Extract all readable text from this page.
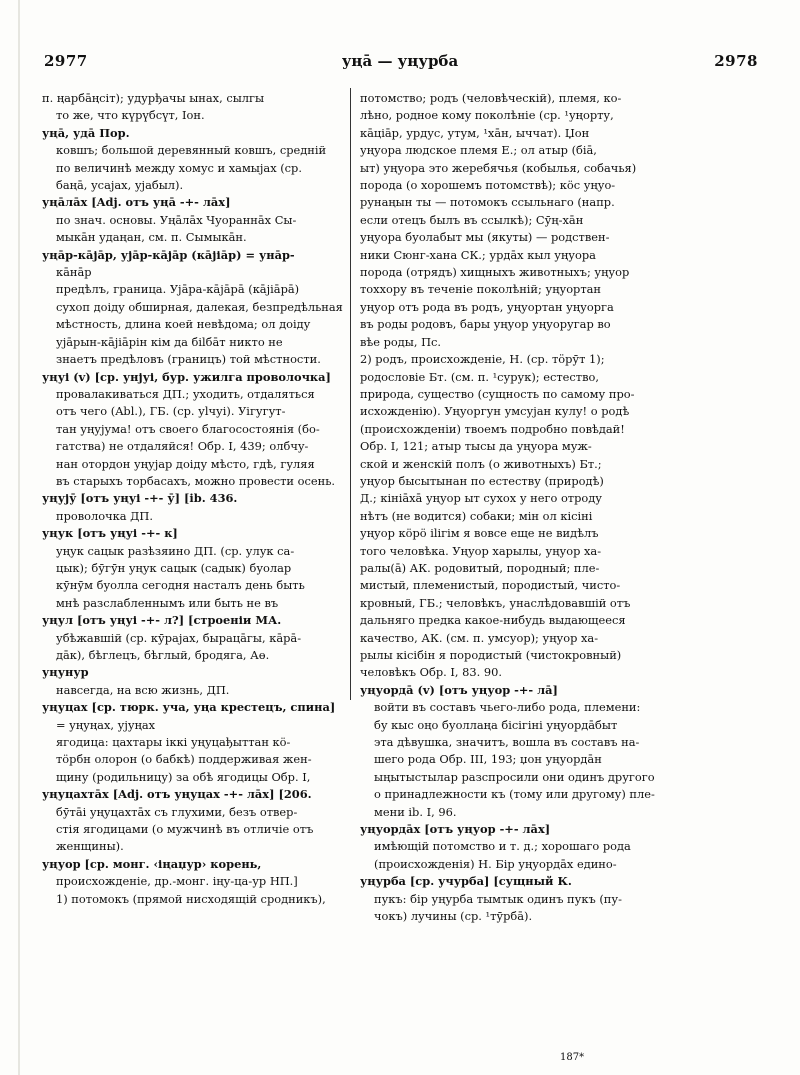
2977	уңā — уңурба	2978
п. ңарбāңсіт); удурђачы ынах, сылгы
то же, что күрүбсүт, Іон.
уңā, удā Пор.
ковшъ; большой деревянный ковшъ, средній
по величинѣ между хомус и хамыјах (ср.
баңā, усајах, ујабыл).
уңāлāх [Adj. отъ уңā -+- лāх]
по знач. основы. Уңāлāх Чуораннāх Сы-
мыкāн удаңан, см. п. Сымыкāн.
уңāр-кāјāр, ујāр-кāјāр (кāјіāр) = унāр-
кāнāр
предѣлъ, граница. Ујāра-кāјāрā (кāјіāрā)
сухоп доіду обширная, далекая, безпредѣльная
мѣстность, длина коей невѣдома; ол доіду
ујāрын-кāјіāрін кім да біlбāт никто не
знаетъ предѣловъ (границъ) той мѣстности.
уңуі (v) [ср. унјуі, бур. ужилга проволочка]
провалакиваться ДП.; уходить, отдаляться
отъ чего (Abl.), ГБ. (ср. уlчуі). Уігугут-
тан уңујума! отъ своего благосостоянія (бо-
гатства) не отдаляйся! Обр. I, 439; олбчу-
нан отордон уңујар доіду мѣсто, гдѣ, гуляя
въ старыхъ торбасахъ, можно провести осень.
уңујӯ [отъ уңуі -+- ӯ] [ib. 436.
проволочка ДП.
уңук [отъ уңуі -+- к]
уңук сацык разѣзяино ДП. (ср. улук са-
цык); бӯгӯн уңук сацык (садык) буолар
кӯнӯм буолла сегодня насталъ день быть
мнѣ разслабленнымъ или быть не въ
уңул [отъ уңуі -+- л?] [строеніи МА.
убѣжавшій (ср. кӯрајах, бырацāгы, кāрā-
дāк), бѣглецъ, бѣглый, бродяга, Аө.
уңунур
навсегда, на всю жизнь, ДП.
уңуцах [ср. тюрк. уча, уңа крестецъ, спина]
= уңуңах, ујуңах
ягодица: цахтары іккі уңуцађыттан кö-
тöрбн олорон (о бабкѣ) поддерживая жен-
щину (родильницу) за обѣ ягодицы Обр. I,
уңуцахтāх [Adj. отъ уңуцах -+- лāх] [206.
бӯтāі уңуцахтāх съ глухими, безъ отвер-
стія ягодицами (о мужчинѣ въ отличіе отъ
женщины).
уңуор [ср. монг. ‹іңаџур› корень,
происхожденіе, др.-монг. іңу-ца-ур НП.]
1) потомокъ (прямой нисходящій сродникъ),
потомство; родъ (человѣческій), племя, ко-
лѣно, родное кому поколѣніе (ср. ¹уңорту,
кāціāр, урдус, утум, ¹хāн, ыччат). Џон
уңуора людское племя Е.; ол атыр (біā,
ыт) уңуора это жеребячья (кобылья, собачья)
порода (о хорошемъ потомствѣ); кöс уңуо-
рунаңын ты — потомокъ ссыльнаго (напр.
если отецъ былъ въ ссылкѣ); Сӯң-хāн
уңуора буолабыт мы (якуты) — родствен-
ники Сюнг-хана СК.; урдāх кыл уңуора
порода (отрядъ) хищныхъ животныхъ; уңуор
тоххору въ теченіе поколѣній; уңуортан
уңуор отъ рода въ родъ, уңуортан уңуорга
въ роды родовъ, бары уңуор уңуоругар во
вѣе роды, Пс.
2) родъ, происхожденіе, Н. (ср. тӧрӯт 1);
родословіе Бт. (см. п. ¹сурук); естество,
природа, существо (сущность по самому про-
исхожденію). Уңуоргун умсујан кулу! о родѣ
(происхожденіи) твоемъ подробно повѣдай!
Обр. I, 121; атыр тысы да уңуора муж-
ской и женскій полъ (о животныхъ) Бт.;
уңуор бысытынан по естеству (природѣ)
Д.; кініāхā уңуор ыт сухох у него отроду
нѣтъ (не водится) собаки; мін ол кісіні
уңуор кöрö іlігім я вовсе еще не видѣлъ
того человѣка. Уңуор харылы, уңуор ха-
ралы(ā) АК. родовитый, породный; пле-
мистый, племенистый, породистый, чисто-
кровный, ГБ.; человѣкъ, унаслѣдовавшій отъ
дальняго предка какое-нибудь выдающееся
качество, АК. (см. п. умсуор); уңуор ха-
рылы кісібін я породистый (чистокровный)
человѣкъ Обр. I, 83. 90.
уңуордā (v) [отъ уңуор -+- лā]
войти въ составъ чьего-либо рода, племени:
бу кыс оңо буоллаңа бісігіні уңуордāбыт
эта дѣвушка, значитъ, вошла въ составъ на-
шего рода Обр. III, 193; џон уңуордāн
ыңытыстылар разспросили они одинъ другого
о принадлежности къ (тому или другому) пле-
мени ib. I, 96.
уңуордāх [отъ уңуор -+- лāх]
имѣющій потомство и т. д.; хорошаго рода
(происхожденія) Н. Бір уңуордāх едино-
уңурба [ср. учурба] [сущный К.
пукъ: бір уңурба тымтык одинъ пукъ (пу-
чокъ) лучины (ср. ¹тӯрбā).
187*
